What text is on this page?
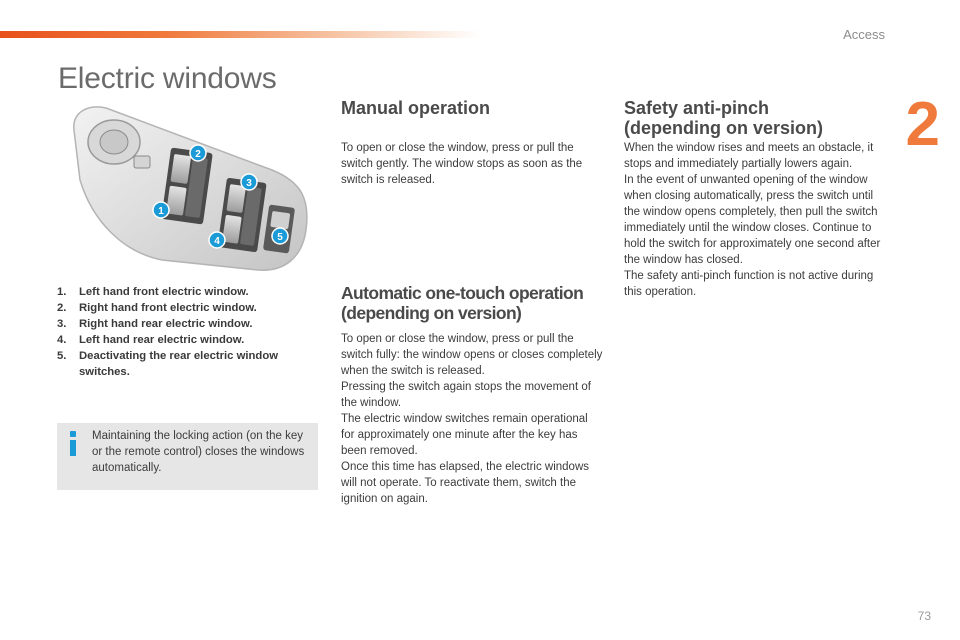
Access
2
Electric windows
1
2
3
4	5
1.	Left hand front electric window.
2.	Right hand front electric window.
3.	Right hand rear electric window.
4.	Left hand rear electric window.
5.	Deactivating the rear electric window switches.
Maintaining the locking action (on the key or the remote control) closes the windows automatically.
Manual operation

To open or close the window, press or pull the switch gently. The window stops as soon as the switch is released.

Automatic one-touch operation
(depending on version)
To open or close the window, press or pull the switch fully: the window opens or closes completely when the switch is released.
Pressing the switch again stops the movement of the window.
The electric window switches remain operational for approximately one minute after the key has been removed.
Once this time has elapsed, the electric windows will not operate. To reactivate them, switch the ignition on again.
Safety anti-pinch
(depending on version)
When the window rises and meets an obstacle, it stops and immediately partially lowers again.
In the event of unwanted opening of the window when closing automatically, press the switch until the window opens completely, then pull the switch immediately until the window closes. Continue to hold the switch for approximately one second after the window has closed.
The safety anti-pinch function is not active during this operation.
73
